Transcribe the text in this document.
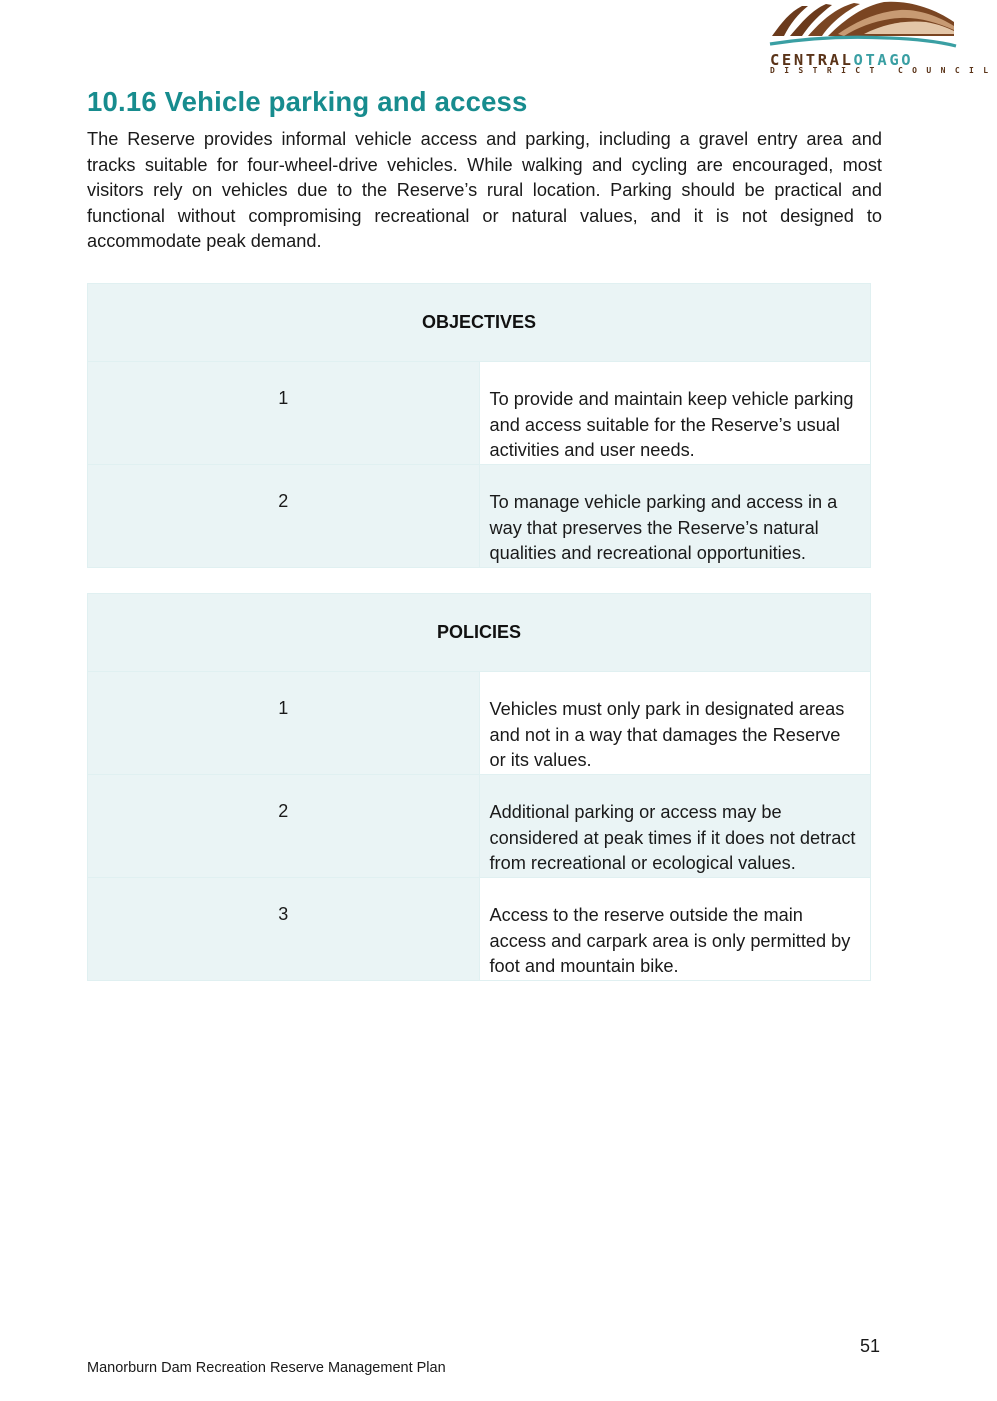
CENTRALOTAGO
DISTRICT COUNCIL
10.16 Vehicle parking and access

The Reserve provides informal vehicle access and parking, including a gravel entry area and tracks suitable for four-wheel-drive vehicles. While walking and cycling are encouraged, most visitors rely on vehicles due to the Reserve’s rural location. Parking should be practical and functional without compromising recreational or natural values, and it is not designed to accommodate peak demand.

OBJECTIVES	
1	To provide and maintain keep vehicle parking and access suitable for the Reserve’s usual activities and user needs.
2	To manage vehicle parking and access in a way that preserves the Reserve’s natural qualities and recreational opportunities.
POLICIES	
1	Vehicles must only park in designated areas and not in a way that damages the Reserve or its values.
2	Additional parking or access may be considered at peak times if it does not detract from recreational or ecological values.
3	Access to the reserve outside the main access and carpark area is only permitted by foot and mountain bike.
51
Manorburn Dam Recreation Reserve Management Plan
